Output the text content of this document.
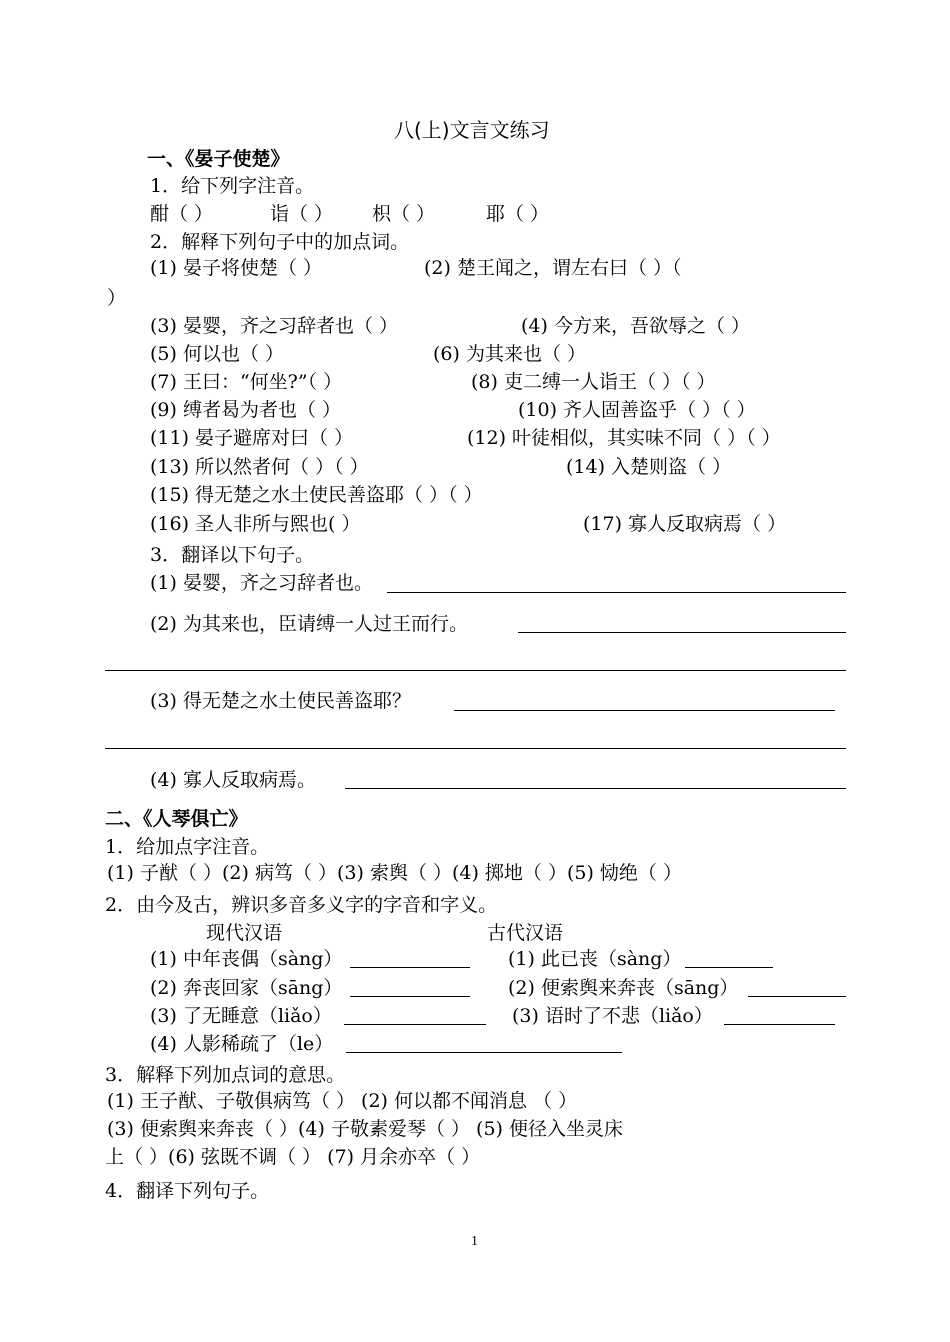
八(上)文言文练习
一、《晏子使楚》
1．给下列字注音。
酣（ ）	诣（ ） 枳（ ）	耶（ ）
2．解释下列句子中的加点词。
(1) 晏子将使楚（ ）	(2) 楚王闻之，谓左右曰（ ）（
）
(3) 晏婴，齐之习辞者也（ ）	(4) 今方来，吾欲辱之（ ）
(5) 何以也（ ）	(6) 为其来也（ ）
(7) 王曰：“何坐?”（ ）	(8) 吏二缚一人诣王（ ）（ ）
(9) 缚者曷为者也（ ）	(10) 齐人固善盗乎（ ）（ ）
(11) 晏子避席对曰（ ）	(12) 叶徒相似，其实味不同（ ）（ ）
(13) 所以然者何（ ）（ ）	(14) 入楚则盗（ ）
(15) 得无楚之水土使民善盗耶（ ）（ ）
(16) 圣人非所与熙也( ）	(17) 寡人反取病焉（ ）
3．翻译以下句子。
(1) 晏婴，齐之习辞者也。
(2) 为其来也，臣请缚一人过王而行。
(3) 得无楚之水土使民善盗耶？
(4) 寡人反取病焉。
二、《人琴俱亡》
1．给加点字注音。
(1) 子猷（ ）(2) 病笃（ ）(3) 索舆（ ）(4) 掷地（ ）(5) 恸绝（ ）
2．由今及古，辨识多音多义字的字音和字义。
现代汉语	古代汉语
(1) 中年丧偶（sàng）	(1) 此已丧（sàng）
(2) 奔丧回家（sāng）	(2) 便索舆来奔丧（sāng）
(3) 了无睡意（liǎo）	(3) 语时了不悲（liǎo）
(4) 人影稀疏了（le）
3．解释下列加点词的意思。
(1) 王子猷、子敬俱病笃（ ） (2) 何以都不闻消息 （ ）
(3) 便索舆来奔丧（ ）(4) 子敬素爱琴（ ） (5) 便径入坐灵床
上（ ）(6) 弦既不调（ ） (7) 月余亦卒（ ）
4．翻译下列句子。
1
